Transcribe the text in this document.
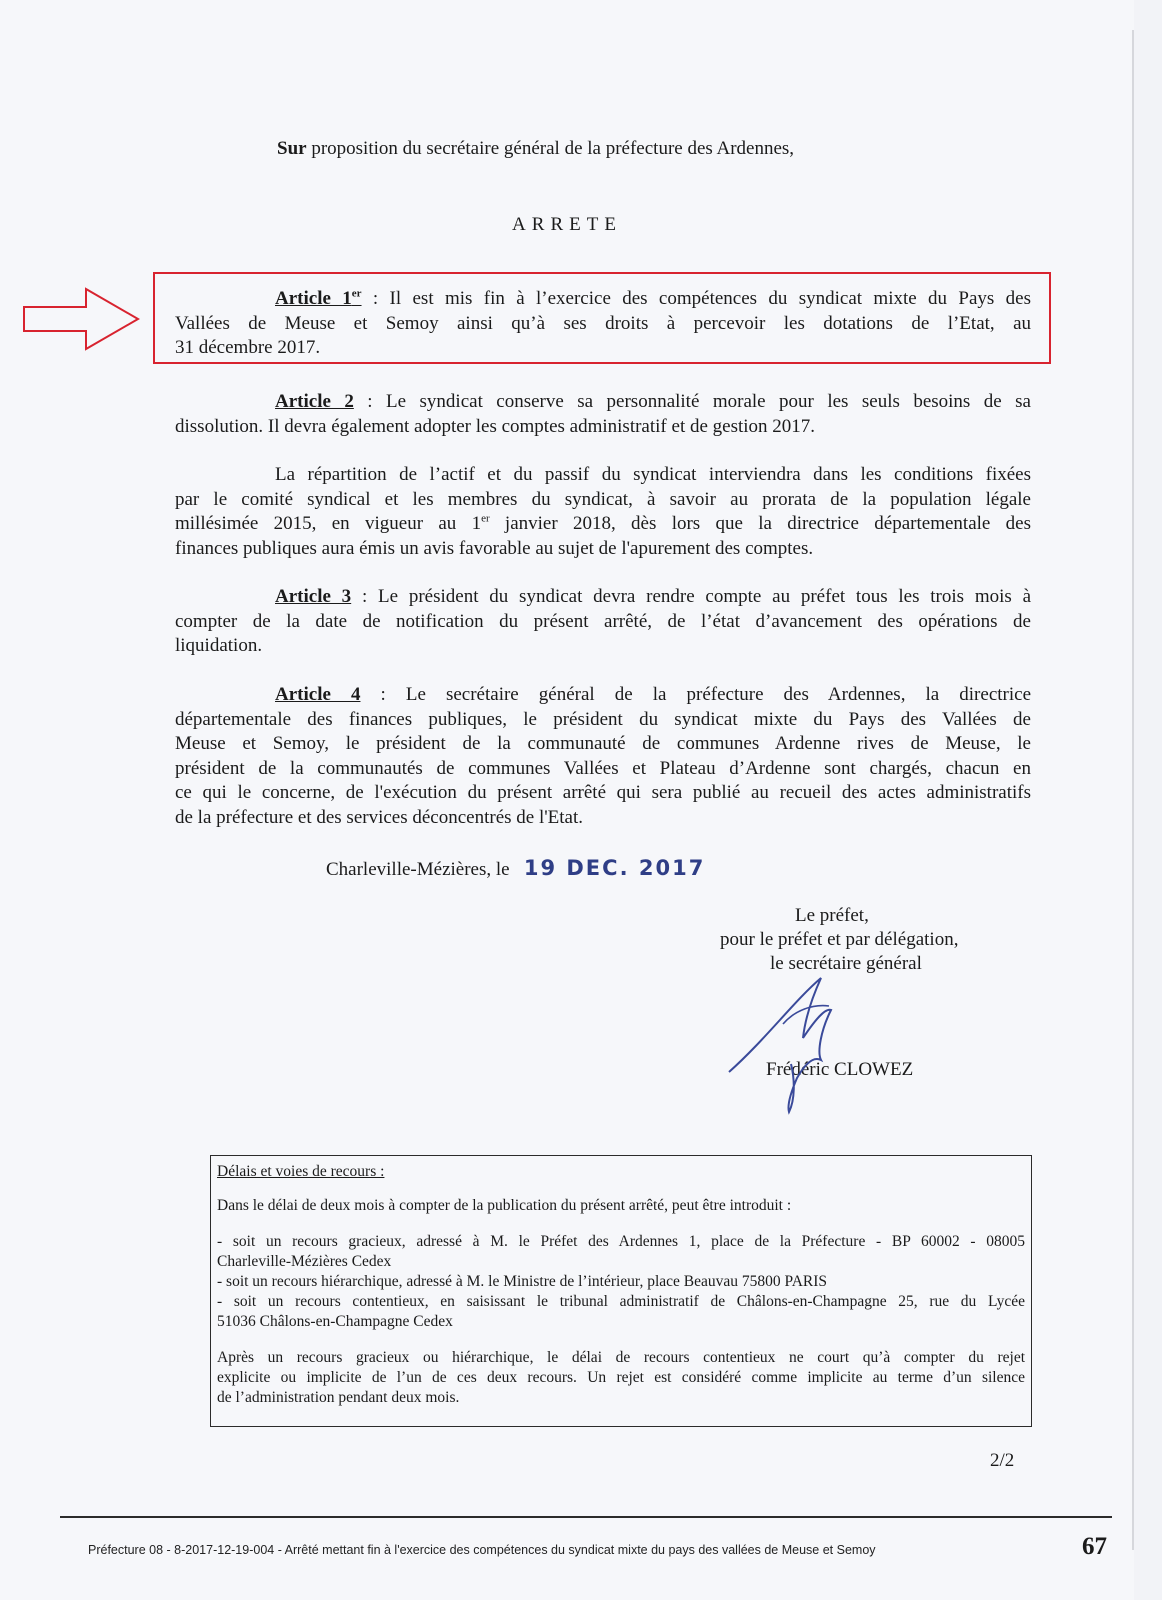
Sur proposition du secrétaire général de la préfecture des Ardennes,

ARRETE

Article 1er : Il est mis fin à l’exercice des compétences du syndicat mixte du Pays des
Vallées de Meuse et Semoy ainsi qu’à ses droits à percevoir les dotations de l’Etat, au
31 décembre 2017.
Article 2 : Le syndicat conserve sa personnalité morale pour les seuls besoins de sa
dissolution. Il devra également adopter les comptes administratif et de gestion 2017.
La répartition de l’actif et du passif du syndicat interviendra dans les conditions fixées
par le comité syndical et les membres du syndicat, à savoir au prorata de la population légale
millésimée 2015, en vigueur au 1er janvier 2018, dès lors que la directrice départementale des
finances publiques aura émis un avis favorable au sujet de l'apurement des comptes.
Article 3 : Le président du syndicat devra rendre compte au préfet tous les trois mois à
compter de la date de notification du présent arrêté, de l’état d’avancement des opérations de
liquidation.
Article 4 : Le secrétaire général de la préfecture des Ardennes, la directrice
départementale des finances publiques, le président du syndicat mixte du Pays des Vallées de
Meuse et Semoy, le président de la communauté de communes Ardenne rives de Meuse, le
président de la communautés de communes Vallées et Plateau d’Ardenne sont chargés, chacun en
ce qui le concerne, de l'exécution du présent arrêté qui sera publié au recueil des actes administratifs
de la préfecture et des services déconcentrés de l'Etat.

Charleville-Mézières, le 19 DEC. 2017

Le préfet,
pour le préfet et par délégation,
le secrétaire général
Frédéric CLOWEZ

Délais et voies de recours :

Dans le délai de deux mois à compter de la publication du présent arrêté, peut être introduit :

- soit un recours gracieux, adressé à M. le Préfet des Ardennes 1, place de la Préfecture - BP 60002 - 08005

Charleville-Mézières Cedex

- soit un recours hiérarchique, adressé à M. le Ministre de l’intérieur, place Beauvau 75800 PARIS

- soit un recours contentieux, en saisissant le tribunal administratif de Châlons-en-Champagne 25, rue du Lycée

51036 Châlons-en-Champagne Cedex

Après un recours gracieux ou hiérarchique, le délai de recours contentieux ne court qu’à compter du rejet

explicite ou implicite de l’un de ces deux recours. Un rejet est considéré comme implicite au terme d’un silence

de l’administration pendant deux mois.

2/2
Préfecture 08 - 8-2017-12-19-004 - Arrêté mettant fin à l'exercice des compétences du syndicat mixte du pays des vallées de Meuse et Semoy	67
